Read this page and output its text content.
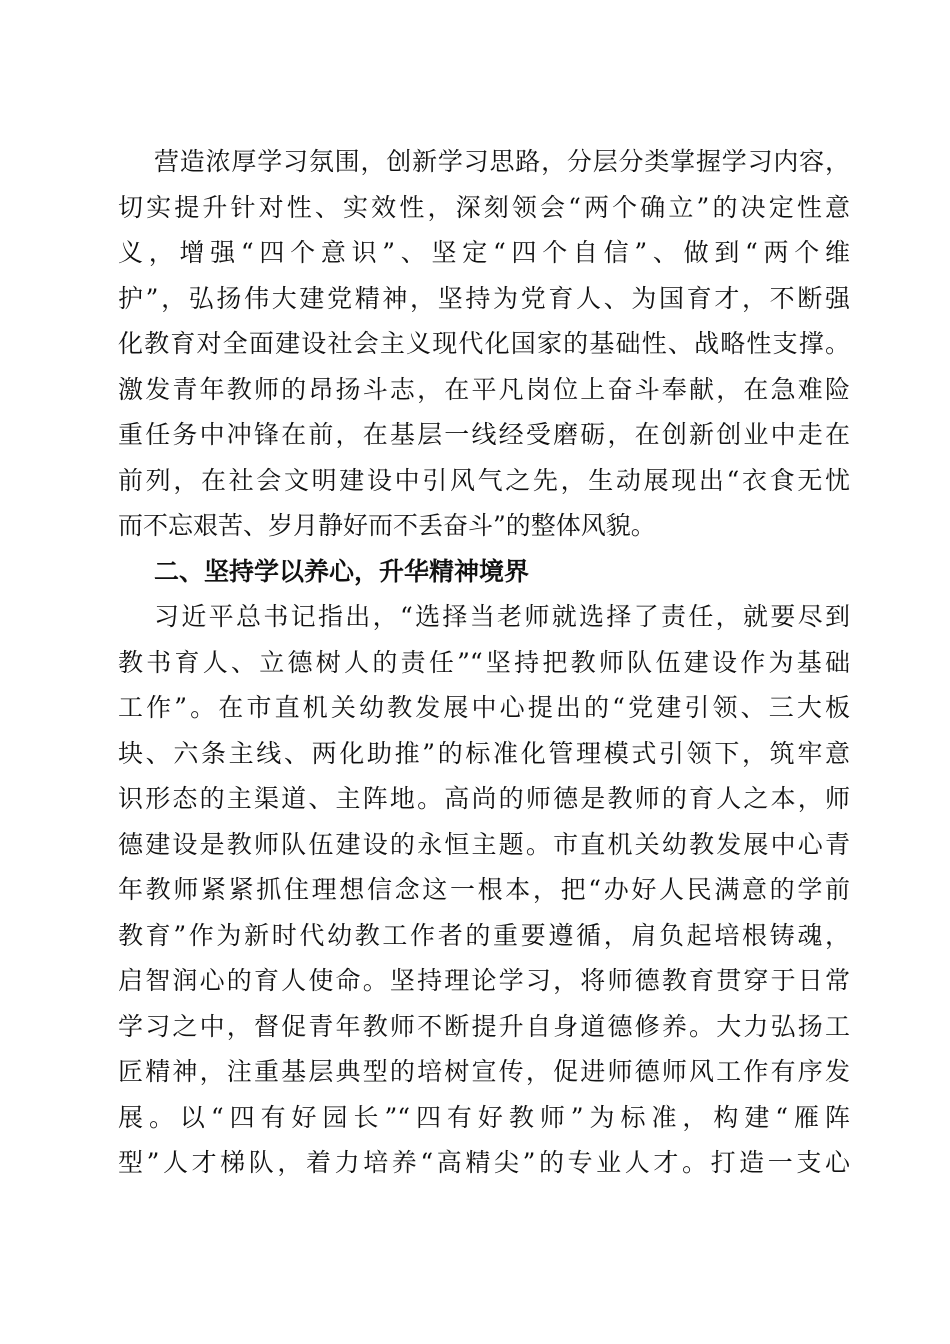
营造浓厚学习氛围，创新学习思路，分层分类掌握学习内容，
切实提升针对性、实效性，深刻领会“两个确立”的决定性意
义，增强“四个意识”、坚定“四个自信”、做到“两个维
护”，弘扬伟大建党精神，坚持为党育人、为国育才，不断强
化教育对全面建设社会主义现代化国家的基础性、战略性支撑。
激发青年教师的昂扬斗志，在平凡岗位上奋斗奉献，在急难险
重任务中冲锋在前，在基层一线经受磨砺，在创新创业中走在
前列，在社会文明建设中引风气之先，生动展现出“衣食无忧
而不忘艰苦、岁月静好而不丢奋斗”的整体风貌。
二、坚持学以养心，升华精神境界
习近平总书记指出，“选择当老师就选择了责任，就要尽到
教书育人、立德树人的责任”“坚持把教师队伍建设作为基础
工作”。在市直机关幼教发展中心提出的“党建引领、三大板
块、六条主线、两化助推”的标准化管理模式引领下，筑牢意
识形态的主渠道、主阵地。高尚的师德是教师的育人之本，师
德建设是教师队伍建设的永恒主题。市直机关幼教发展中心青
年教师紧紧抓住理想信念这一根本，把“办好人民满意的学前
教育”作为新时代幼教工作者的重要遵循，肩负起培根铸魂，
启智润心的育人使命。坚持理论学习，将师德教育贯穿于日常
学习之中，督促青年教师不断提升自身道德修养。大力弘扬工
匠精神，注重基层典型的培树宣传，促进师德师风工作有序发
展。以“四有好园长”“四有好教师”为标准，构建“雁阵
型”人才梯队，着力培养“高精尖”的专业人才。打造一支心
